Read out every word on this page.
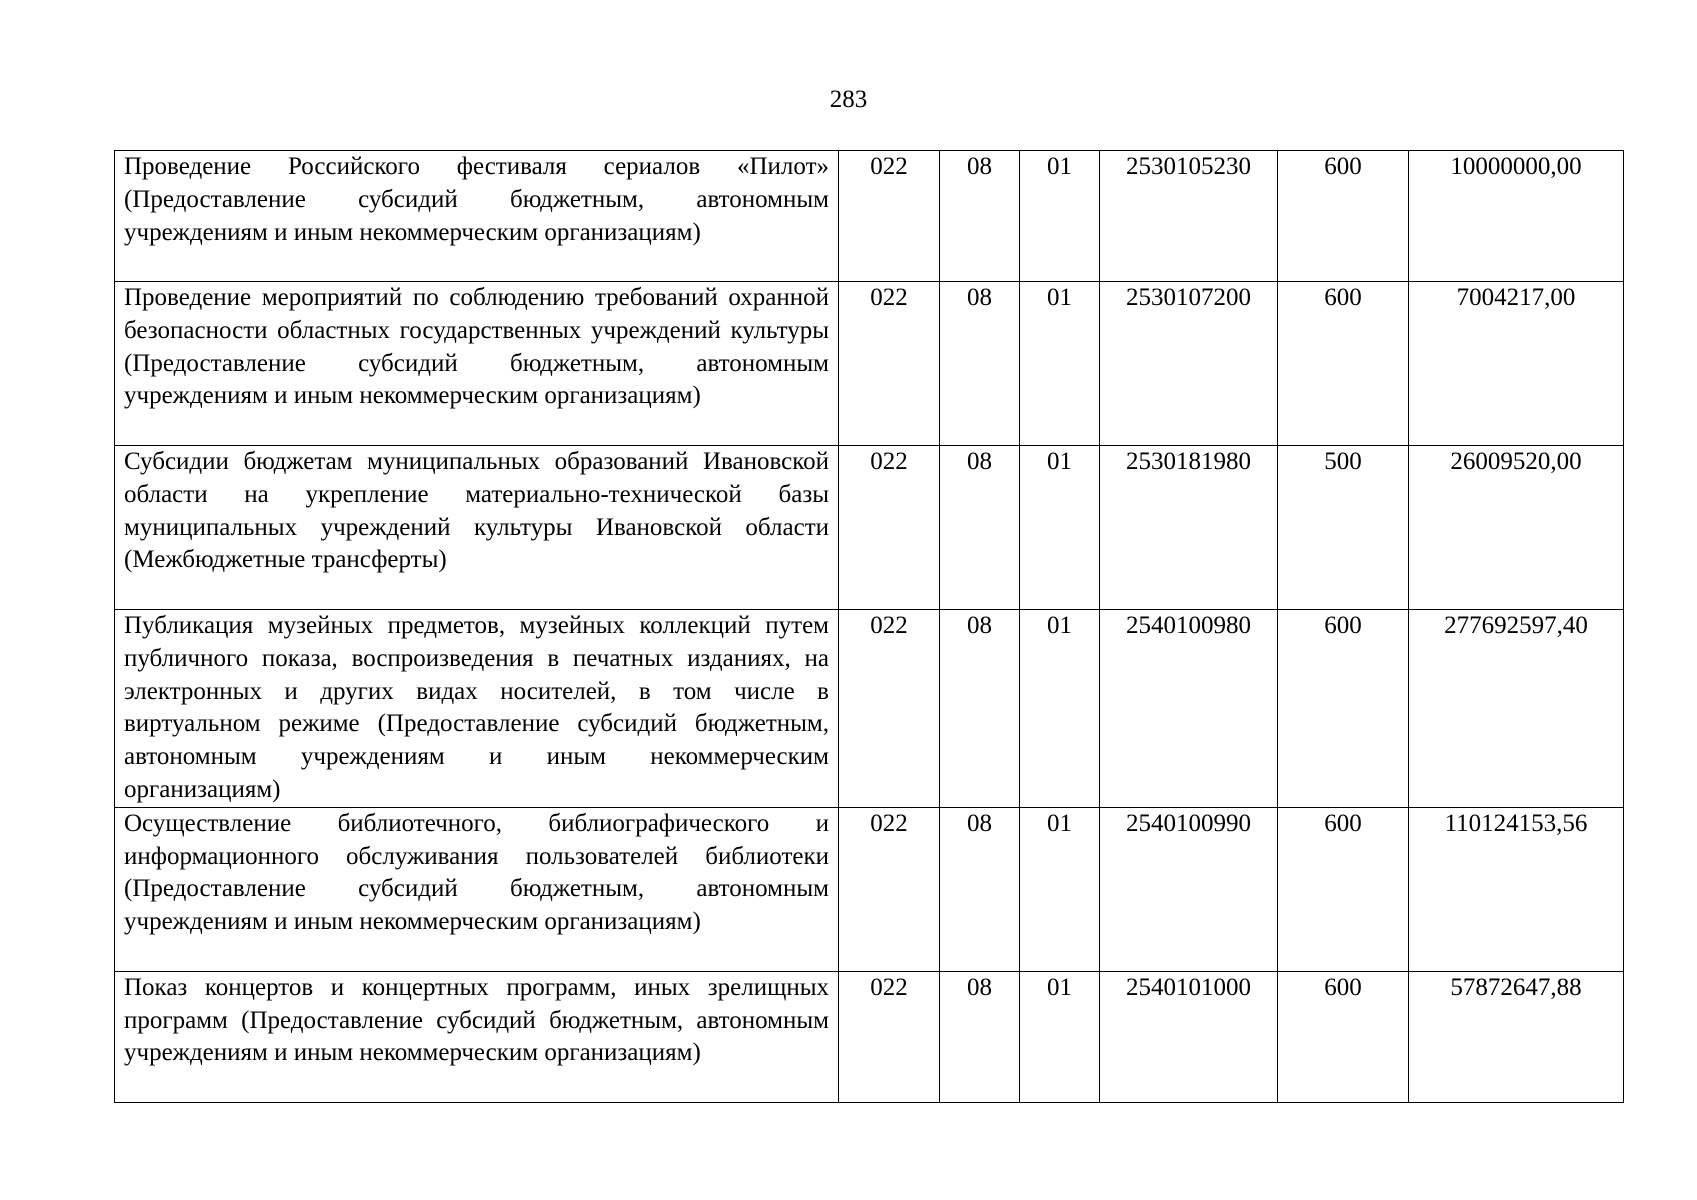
283
Проведение Российского фестиваля сериалов «Пилот» (Предоставление субсидий бюджетным, автономным учреждениям и иным некоммерческим организациям)	022	08	01	2530105230	600	10000000,00
Проведение мероприятий по соблюдению требований охранной безопасности областных государственных учреждений культуры (Предоставление субсидий бюджетным, автономным учреждениям и иным некоммерческим организациям)	022	08	01	2530107200	600	7004217,00
Субсидии бюджетам муниципальных образований Ивановской области на укрепление материально-технической базы муниципальных учреждений культуры Ивановской области (Межбюджетные трансферты)	022	08	01	2530181980	500	26009520,00
Публикация музейных предметов, музейных коллекций путем публичного показа, воспроизведения в печатных изданиях, на электронных и других видах носителей, в том числе в виртуальном режиме (Предоставление субсидий бюджетным, автономным учреждениям и иным некоммерческим организациям)	022	08	01	2540100980	600	277692597,40
Осуществление библиотечного, библиографического и информационного обслуживания пользователей библиотеки (Предоставление субсидий бюджетным, автономным учреждениям и иным некоммерческим организациям)	022	08	01	2540100990	600	110124153,56
Показ концертов и концертных программ, иных зрелищных программ (Предоставление субсидий бюджетным, автономным учреждениям и иным некоммерческим организациям)	022	08	01	2540101000	600	57872647,88
